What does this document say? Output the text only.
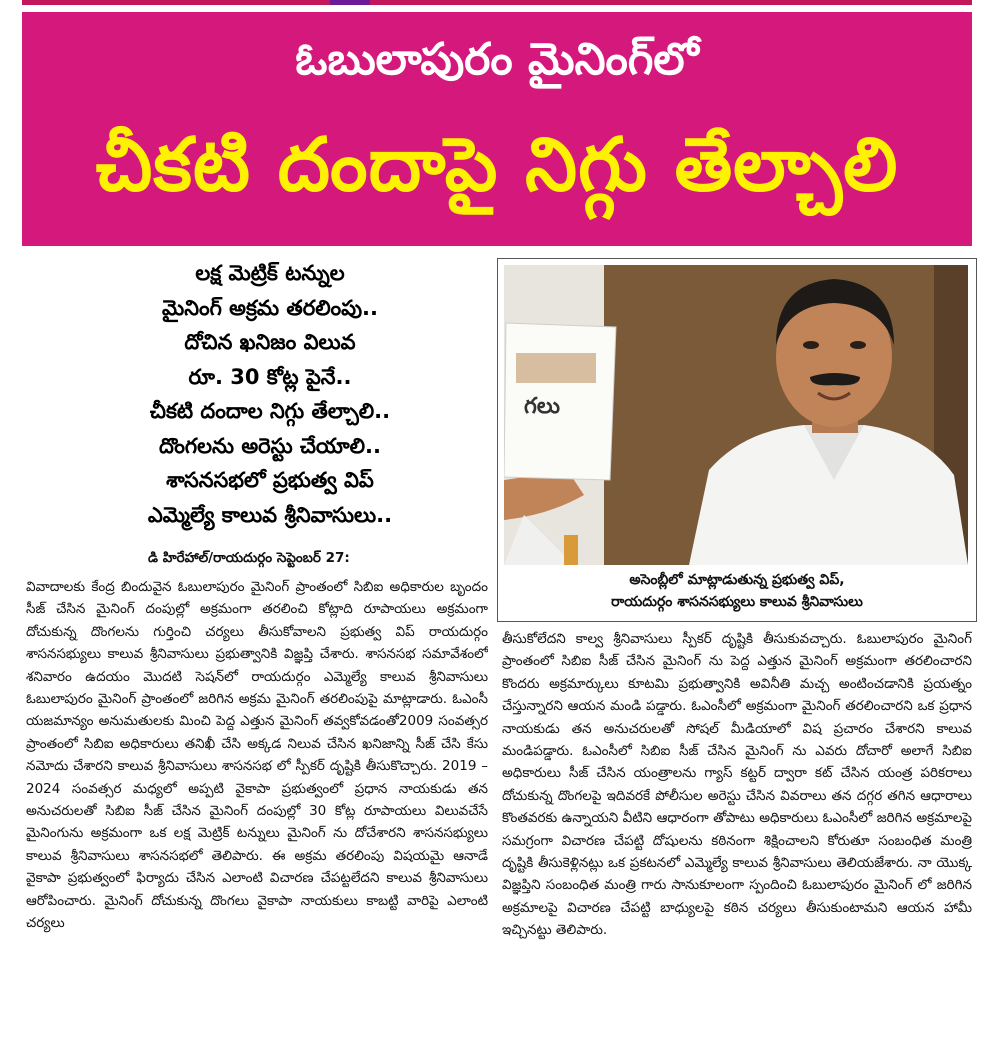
ఓబులాపురం మైనింగ్‌లో
చీకటి దందాపై నిగ్గు తేల్చాలి
లక్ష మెట్రిక్ టన్నుల
మైనింగ్ అక్రమ తరలింపు..
దోచిన ఖనిజం విలువ
రూ. 30 కోట్ల పైనే..
చీకటి దందాల నిగ్గు తేల్చాలి..
దొంగలను అరెస్టు చేయాలి..
శాసనసభలో ప్రభుత్వ విప్
ఎమ్మెల్యే కాలువ శ్రీనివాసులు..
గలు
అసెంబ్లీలో మాట్లాడుతున్న ప్రభుత్వ విప్,
రాయదుర్గం శాసనసభ్యులు కాలువ శ్రీనివాసులు
డి హిరేహాల్/రాయదుర్గం సెప్టెంబర్ 27:
వివాదాలకు కేంద్ర బిందువైన ఓబులాపురం మైనింగ్ ప్రాంతంలో సిబిఐ అధికారుల బృందం సీజ్ చేసిన మైనింగ్ దంపుల్లో అక్రమంగా తరలించి కోట్లాది రూపాయలు అక్రమంగా దోచుకున్న దొంగలను గుర్తించి చర్యలు తీసుకోవాలని ప్రభుత్వ విప్ రాయదుర్గం శాసనసభ్యులు కాలువ శ్రీనివాసులు ప్రభుత్వానికి విజ్ఞప్తి చేశారు. శాసనసభ సమావేశంలో శనివారం ఉదయం మొదటి సెషన్‌లో రాయదుర్గం ఎమ్మెల్యే కాలువ శ్రీనివాసులు ఓబులాపురం మైనింగ్ ప్రాంతంలో జరిగిన అక్రమ మైనింగ్ తరలింపుపై మాట్లాడారు. ఓఎంసీ యజమాన్యం అనుమతులకు మించి పెద్ద ఎత్తున మైనింగ్ తవ్వకోవడంతో2009 సంవత్సర ప్రాంతంలో సిబిఐ అధికారులు తనిఖీ చేసి అక్కడ నిలువ చేసిన ఖనిజాన్ని సీజ్ చేసి కేసు నమోదు చేశారని కాలువ శ్రీనివాసులు శాసనసభ లో స్పీకర్ దృష్టికి తీసుకొచ్చారు. 2019 –2024 సంవత్సర మధ్యలో అప్పటి వైకాపా ప్రభుత్వంలో ప్రధాన నాయకుడు తన అనుచరులతో సిబిఐ సీజ్ చేసిన మైనింగ్ దంపుల్లో 30 కోట్ల రూపాయలు విలువచేసే మైనింగును అక్రమంగా ఒక లక్ష మెట్రిక్ టన్నులు మైనింగ్ ను దోచేశారని శాసనసభ్యులు కాలువ శ్రీనివాసులు శాసనసభలో తెలిపారు. ఈ అక్రమ తరలింపు విషయమై ఆనాడే వైకాపా ప్రభుత్వంలో ఫిర్యాదు చేసిన ఎలాంటి విచారణ చేపట్టలేదని కాలువ శ్రీనివాసులు ఆరోపించారు. మైనింగ్ దోచుకున్న దొంగలు వైకాపా నాయకులు కాబట్టి వారిపై ఎలాంటి చర్యలు
తీసుకోలేదని కాల్వ శ్రీనివాసులు స్పీకర్ దృష్టికి తీసుకువచ్చారు. ఓబులాపురం మైనింగ్ ప్రాంతంలో సిబిఐ సీజ్ చేసిన మైనింగ్ ను పెద్ద ఎత్తున మైనింగ్ అక్రమంగా తరలించారని కొందరు అక్రమార్కులు కూటమి ప్రభుత్వానికి అవినీతి మచ్చ అంటించడానికి ప్రయత్నం చేస్తున్నారని ఆయన మండి పడ్డారు. ఓఎంసీలో అక్రమంగా మైనింగ్ తరలించారని ఒక ప్రధాన నాయకుడు తన అనుచరులతో సోషల్ మీడియాలో విష ప్రచారం చేశారని కాలువ మండిపడ్డారు. ఓఎంసీలో సిబిఐ సీజ్ చేసిన మైనింగ్ ను ఎవరు దోచారో అలాగే సిబిఐ అధికారులు సీజ్ చేసిన యంత్రాలను గ్యాస్ కట్టర్ ద్వారా కట్ చేసిన యంత్ర పరికరాలు దోచుకున్న దొంగలపై ఇదివరకే పోలీసుల అరెస్టు చేసిన వివరాలు తన దగ్గర తగిన ఆధారాలు కొంతవరకు ఉన్నాయని వీటిని ఆధారంగా తోపాటు అధికారులు ఓఎంసీలో జరిగిన అక్రమాలపై సమగ్రంగా విచారణ చేపట్టి దోషులను కఠినంగా శిక్షించాలని కోరుతూ సంబంధిత మంత్రి దృష్టికి తీసుకెళ్లినట్లు ఒక ప్రకటనలో ఎమ్మెల్యే కాలువ శ్రీనివాసులు తెలియజేశారు. నా యొక్క విజ్ఞప్తిని సంబంధిత మంత్రి గారు సానుకూలంగా స్పందించి ఓబులాపురం మైనింగ్ లో జరిగిన అక్రమాలపై విచారణ చేపట్టి బాధ్యులపై కఠిన చర్యలు తీసుకుంటామని ఆయన హామీ ఇచ్చినట్టు తెలిపారు.
